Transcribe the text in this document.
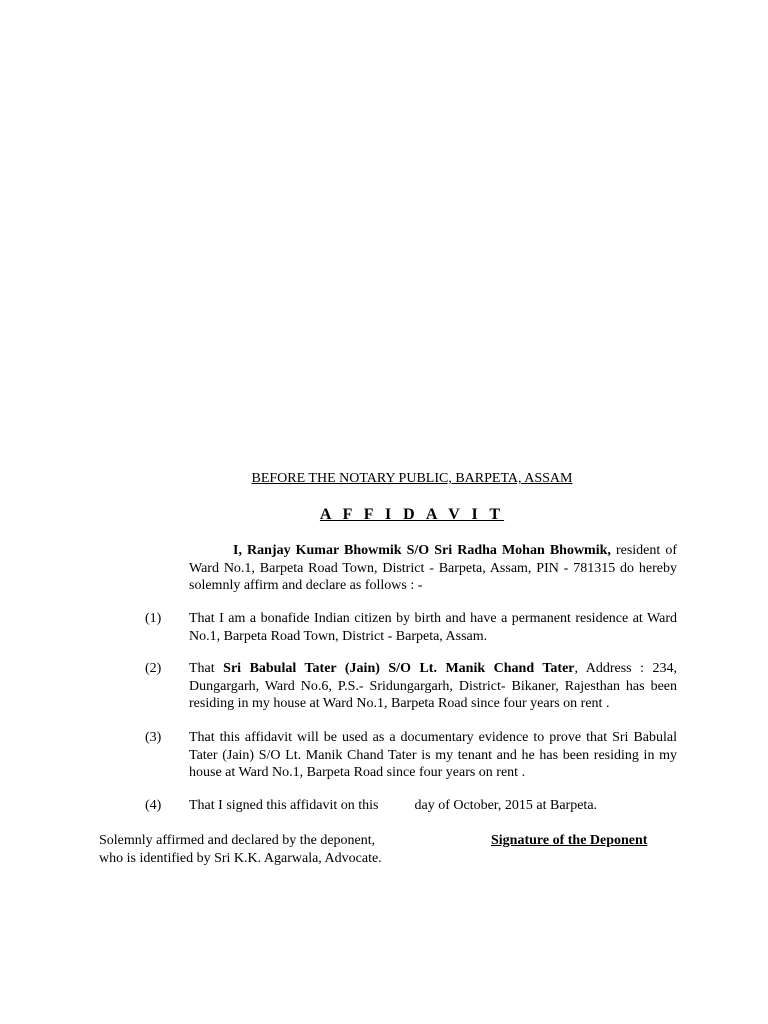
BEFORE THE NOTARY PUBLIC, BARPETA, ASSAM
A F F I D A V I T

I, Ranjay Kumar Bhowmik S/O Sri Radha Mohan Bhowmik, resident of Ward No.1, Barpeta Road Town, District - Barpeta, Assam, PIN - 781315 do hereby solemnly affirm and declare as follows : -

(1) That I am a bonafide Indian citizen by birth and have a permanent residence at Ward No.1, Barpeta Road Town, District - Barpeta, Assam.

(2) That Sri Babulal Tater (Jain) S/O Lt. Manik Chand Tater, Address : 234, Dungargarh, Ward No.6, P.S.- Sridungargarh, District- Bikaner, Rajesthan has been residing in my house at Ward No.1, Barpeta Road since four years on rent .

(3) That this affidavit will be used as a documentary evidence to prove that Sri Babulal Tater (Jain) S/O Lt. Manik Chand Tater is my tenant and he has been residing in my house at Ward No.1, Barpeta Road since four years on rent .

(4) That I signed this affidavit on this	day of October, 2015 at Barpeta.

Solemnly affirmed and declared by the deponent,
who is identified by Sri K.K. Agarwala, Advocate.
Signature of the Deponent
